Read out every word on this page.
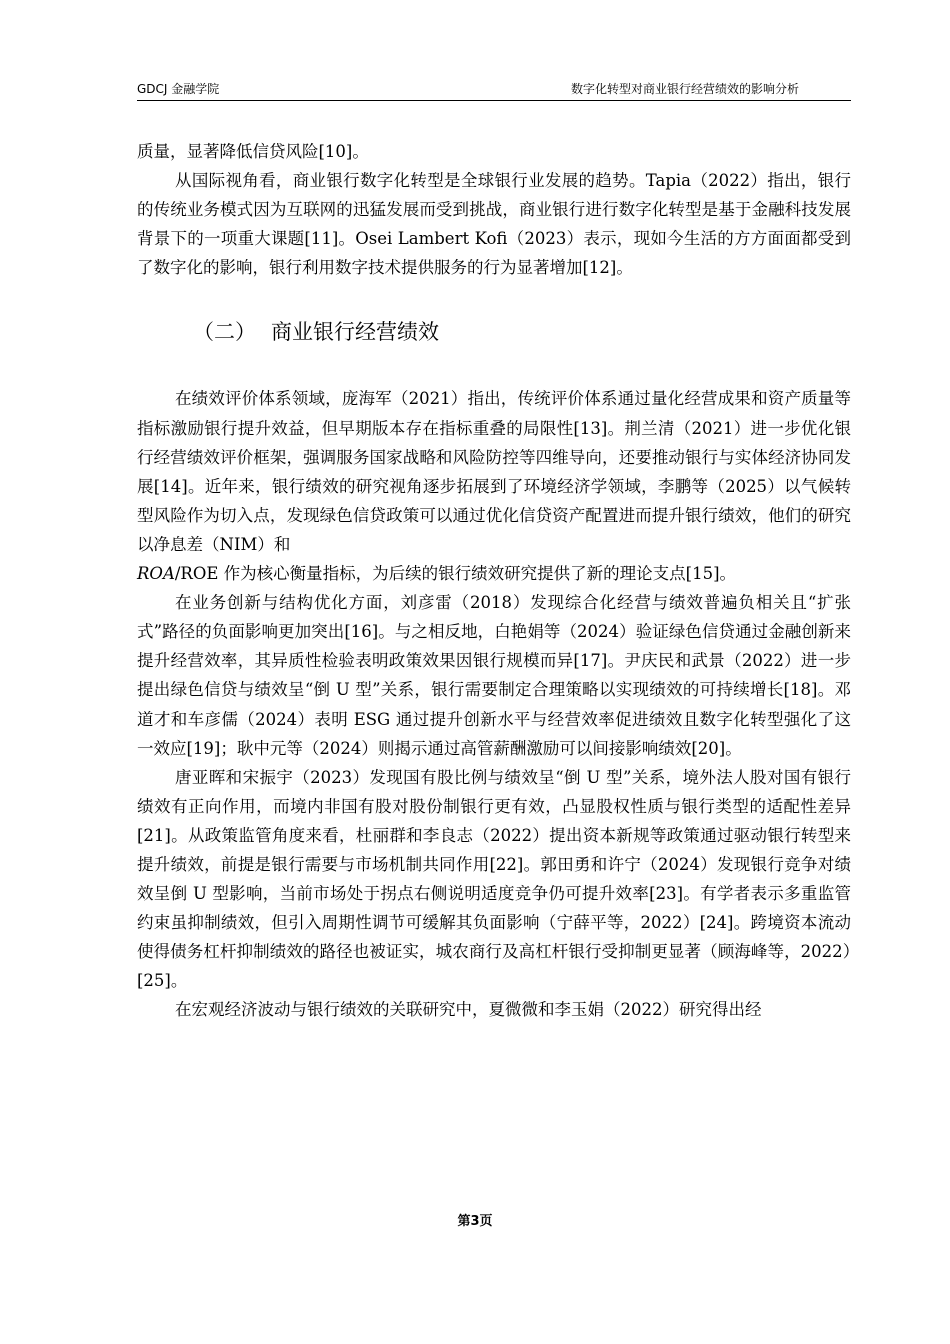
GDCJ 金融学院	数字化转型对商业银行经营绩效的影响分析

质量，显著降低信贷风险[10]。

从国际视角看，商业银行数字化转型是全球银行业发展的趋势。Tapia（2022）指出，银行的传统业务模式因为互联网的迅猛发展而受到挑战，商业银行进行数字化转型是基于金融科技发展背景下的一项重大课题[11]。Osei Lambert Kofi（2023）表示，现如今生活的方方面面都受到了数字化的影响，银行利用数字技术提供服务的行为显著增加[12]。

（二） 商业银行经营绩效

在绩效评价体系领域，庞海军（2021）指出，传统评价体系通过量化经营成果和资产质量等指标激励银行提升效益，但早期版本存在指标重叠的局限性[13]。荆兰清（2021）进一步优化银行经营绩效评价框架，强调服务国家战略和风险防控等四维导向，还要推动银行与实体经济协同发展[14]。近年来，银行绩效的研究视角逐步拓展到了环境经济学领域，李鹏等（2025）以气候转型风险作为切入点，发现绿色信贷政策可以通过优化信贷资产配置进而提升银行绩效，他们的研究以净息差（NIM）和
ROA/ROE 作为核心衡量指标，为后续的银行绩效研究提供了新的理论支点[15]。

在业务创新与结构优化方面，刘彦雷（2018）发现综合化经营与绩效普遍负相关且“扩张式”路径的负面影响更加突出[16]。与之相反地，白艳娟等（2024）验证绿色信贷通过金融创新来提升经营效率，其异质性检验表明政策效果因银行规模而异[17]。尹庆民和武景（2022）进一步提出绿色信贷与绩效呈“倒 U 型”关系，银行需要制定合理策略以实现绩效的可持续增长[18]。邓道才和车彦儒（2024）表明 ESG 通过提升创新水平与经营效率促进绩效且数字化转型强化了这一效应[19]；耿中元等（2024）则揭示通过高管薪酬激励可以间接影响绩效[20]。

唐亚晖和宋振宇（2023）发现国有股比例与绩效呈“倒 U 型”关系，境外法人股对国有银行绩效有正向作用，而境内非国有股对股份制银行更有效，凸显股权性质与银行类型的适配性差异[21]。从政策监管角度来看，杜丽群和李良志（2022）提出资本新规等政策通过驱动银行转型来提升绩效，前提是银行需要与市场机制共同作用[22]。郭田勇和许宁（2024）发现银行竞争对绩效呈倒 U 型影响，当前市场处于拐点右侧说明适度竞争仍可提升效率[23]。有学者表示多重监管约束虽抑制绩效，但引入周期性调节可缓解其负面影响（宁薛平等，2022）[24]。跨境资本流动使得债务杠杆抑制绩效的路径也被证实，城农商行及高杠杆银行受抑制更显著（顾海峰等，2022）[25]。

在宏观经济波动与银行绩效的关联研究中，夏微微和李玉娟（2022）研究得出经

第3页
